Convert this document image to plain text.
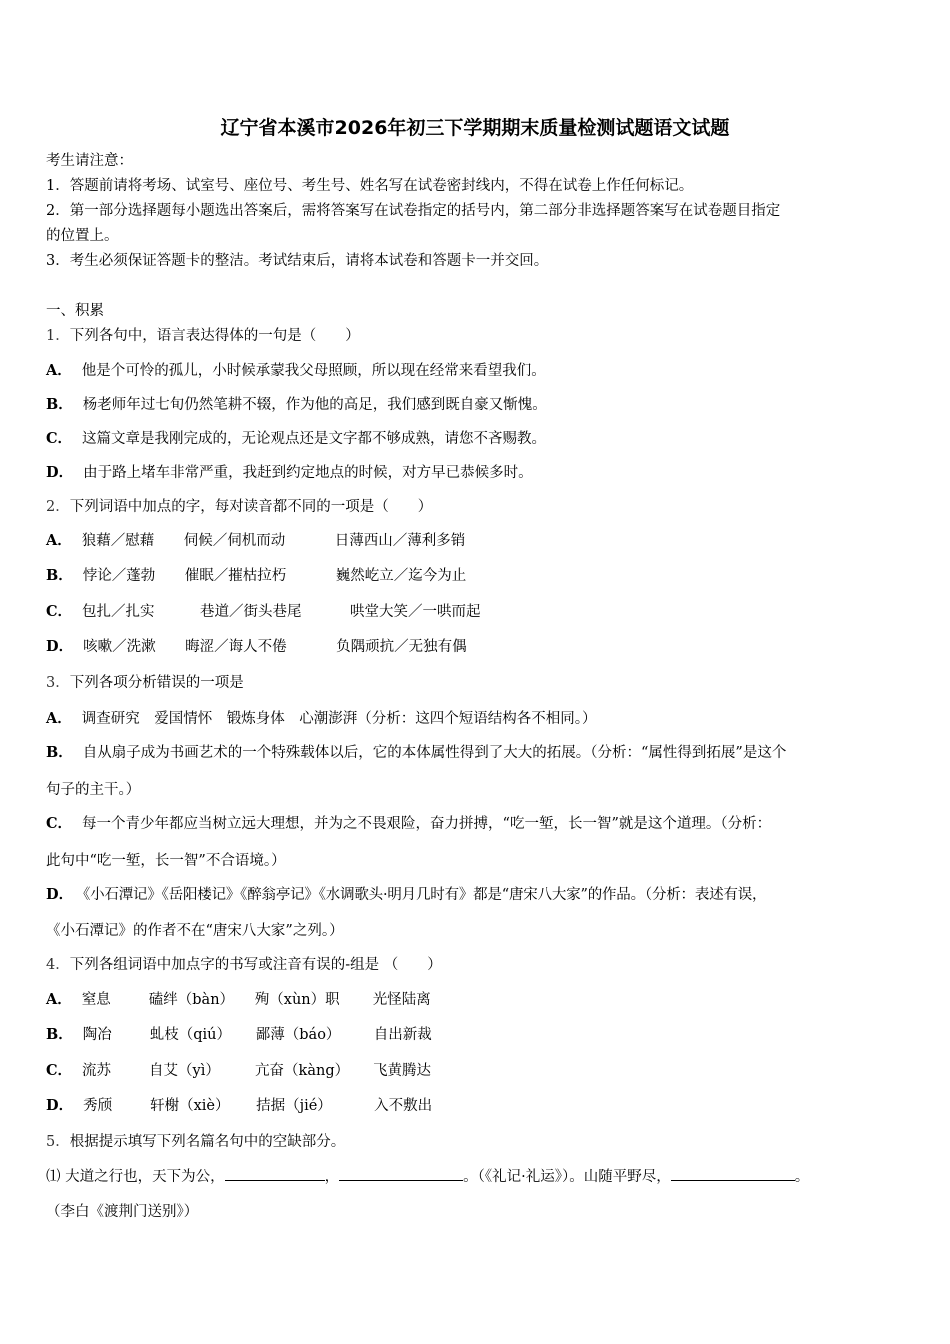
辽宁省本溪市2026年初三下学期期末质量检测试题语文试题
考生请注意：
1．答题前请将考场、试室号、座位号、考生号、姓名写在试卷密封线内，不得在试卷上作任何标记。
2．第一部分选择题每小题选出答案后，需将答案写在试卷指定的括号内，第二部分非选择题答案写在试卷题目指定
的位置上。
3．考生必须保证答题卡的整洁。考试结束后，请将本试卷和答题卡一并交回。
一、积累
1．下列各句中，语言表达得体的一句是（　　）
A． 他是个可怜的孤儿，小时候承蒙我父母照顾，所以现在经常来看望我们。
B． 杨老师年过七旬仍然笔耕不辍，作为他的高足，我们感到既自豪又惭愧。
C． 这篇文章是我刚完成的，无论观点还是文字都不够成熟，请您不吝赐教。
D． 由于路上堵车非常严重，我赶到约定地点的时候，对方早已恭候多时。
2．下列词语中加点的字，每对读音都不同的一项是（　　）
A． 狼藉／慰藉 伺候／伺机而动	日薄西山／薄利多销
B． 悖论／蓬勃 催眠／摧枯拉朽	巍然屹立／迄今为止
C． 包扎／扎实	巷道／街头巷尾	哄堂大笑／一哄而起
D． 咳嗽／洗漱 晦涩／诲人不倦	负隅顽抗／无独有偶
3．下列各项分析错误的一项是
A． 调查研究　爱国情怀　锻炼身体　心潮澎湃（分析：这四个短语结构各不相同。）
B． 自从扇子成为书画艺术的一个特殊载体以后，它的本体属性得到了大大的拓展。（分析：“属性得到拓展”是这个
句子的主干。）
C． 每一个青少年都应当树立远大理想，并为之不畏艰险，奋力拼搏，“吃一堑，长一智”就是这个道理。（分析：
此句中“吃一堑，长一智”不合语境。）
D． 《小石潭记》《岳阳楼记》《醉翁亭记》《水调歌头·明月几时有》都是“唐宋八大家”的作品。（分析：表述有误，
《小石潭记》的作者不在“唐宋八大家”之列。）
4．下列各组词语中加点字的书写或注音有误的-组是 （　　）
A． 窒息	磕绊（bàn） 殉（xùn）职 光怪陆离
B． 陶冶	虬枝（qiú） 鄙薄（báo） 自出新裁
C． 流苏	自艾（yì） 亢奋（kàng） 飞黄腾达
D． 秀颀	轩榭（xiè） 拮据（jié）	入不敷出
5．根据提示填写下列名篇名句中的空缺部分。
⑴ 大道之行也，天下为公，	，	。（《礼记·礼运》）。山随平野尽，	。
（李白《渡荆门送别》）
